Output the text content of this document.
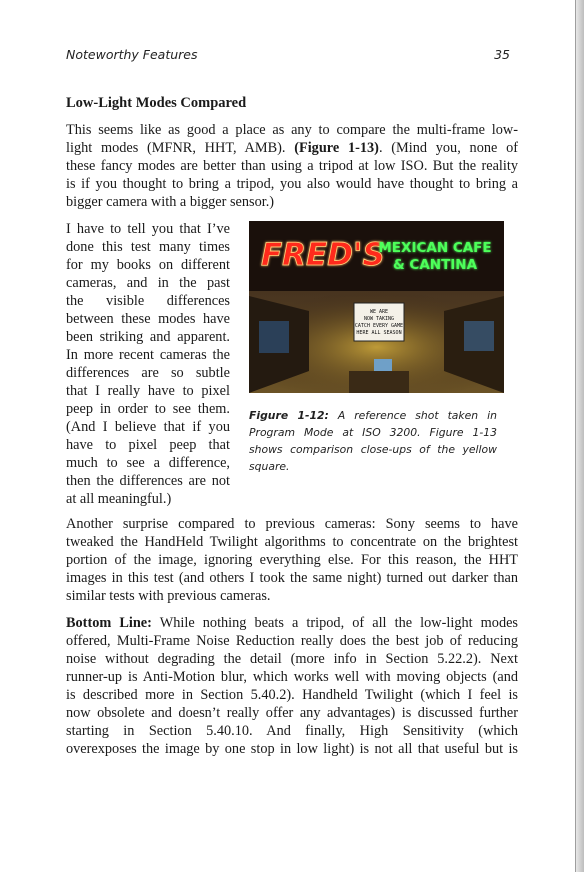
Noteworthy Features	35
Low-Light Modes Compared
This seems like as good a place as any to compare the multi-frame low-
light modes (MFNR, HHT, AMB). (Figure 1-13). (Mind you, none of
these fancy modes are better than using a tripod at low ISO. But the reality
is if you thought to bring a tripod, you also would have thought to bring a
bigger camera with a bigger sensor.)
I have to tell you that I’ve
done this test many times
for my books on different
cameras, and in the past
the visible differences
between these modes have
been striking and apparent.
In more recent cameras the
differences are so subtle
that I really have to pixel
peep in order to see them.
(And I believe that if you
have to pixel peep that
much to see a difference,
then the differences are not
at all meaningful.)
WE ARE
NOW TAKING
CATCH EVERY GAME
HERE ALL SEASON
FRED'S
MEXICAN CAFE
& CANTINA
Figure 1-12: A reference shot taken in
Program Mode at ISO 3200. Figure 1-13
shows comparison close-ups of the yellow
square.
Another surprise compared to previous cameras: Sony seems to have
tweaked the HandHeld Twilight algorithms to concentrate on the brightest
portion of the image, ignoring everything else. For this reason, the HHT
images in this test (and others I took the same night) turned out darker than
similar tests with previous cameras.
Bottom Line: While nothing beats a tripod, of all the low-light modes
offered, Multi-Frame Noise Reduction really does the best job of reducing
noise without degrading the detail (more info in Section 5.22.2). Next
runner-up is Anti-Motion blur, which works well with moving objects (and
is described more in Section 5.40.2). Handheld Twilight (which I feel is
now obsolete and doesn’t really offer any advantages) is discussed further
starting in Section 5.40.10. And finally, High Sensitivity (which
overexposes the image by one stop in low light) is not all that useful but is
